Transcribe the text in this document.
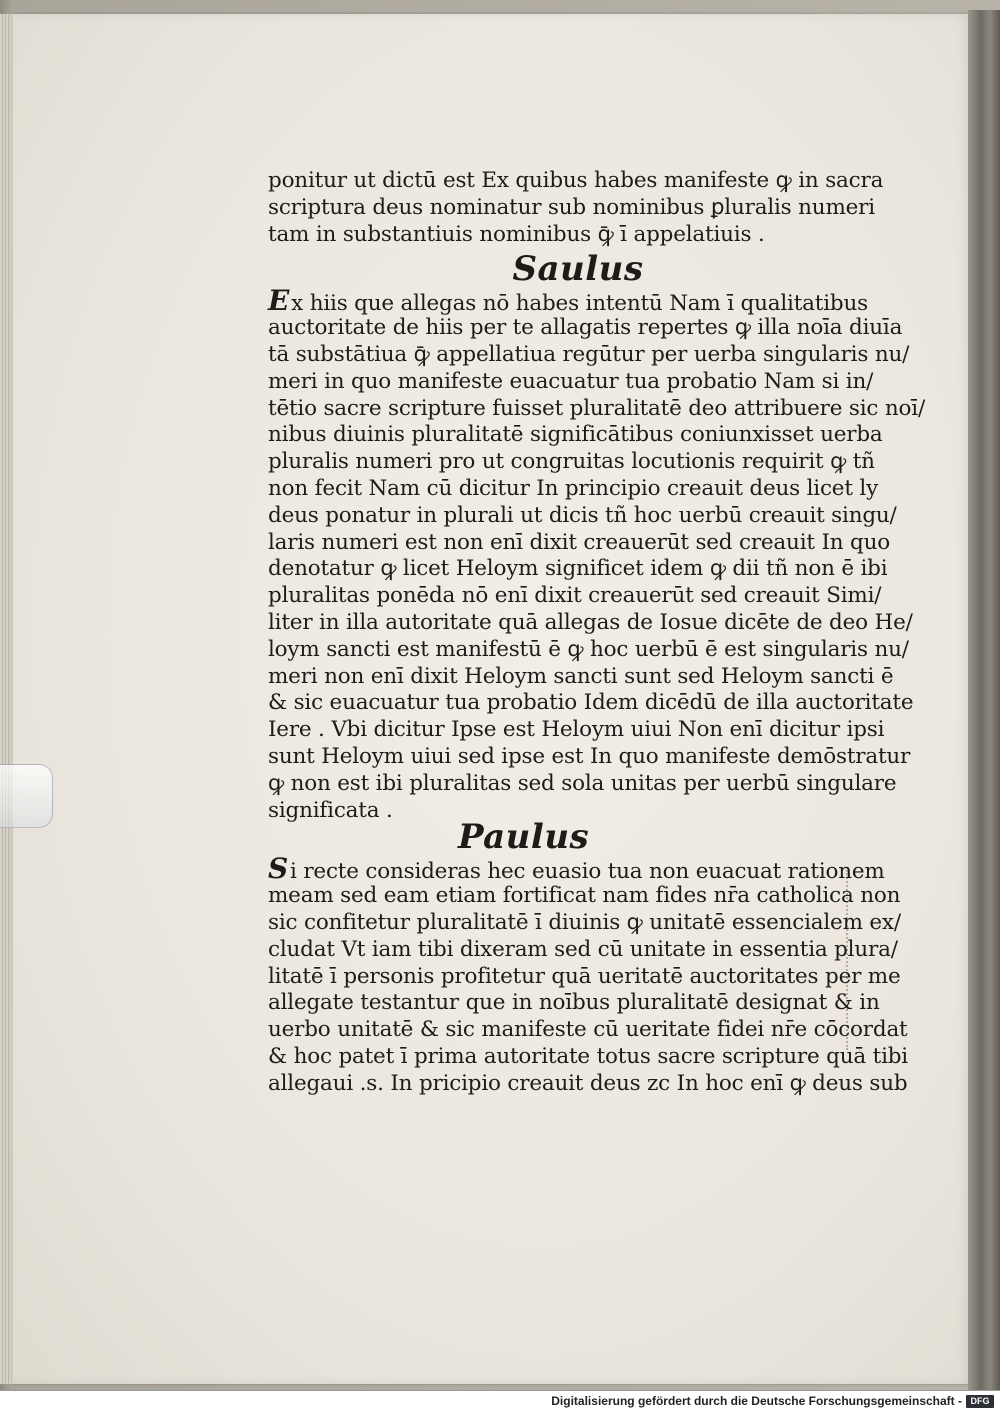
ponitur ut dictū est Ex quibus habes manifeste ꝙ in sacra
scriptura deus nominatur sub nominibus ꝑluralis numeri
tam in substantiuis nominibus ꝙ̄ ī appelatiuis .
Saulus
Ex hiis que allegas nō habes intentū Nam ī qualitatibus
auctoritate de hiis per te allagatis repertes ꝙ illa noīa diuīa
tā substātiua ꝙ̄ appellatiua regūtur per uerba singularis nu/
meri in quo manifeste euacuatur tua probatio Nam si in/
tētio sacre scripture fuisset pluralitatē deo attribuere sic noī/
nibus diuinis pluralitatē significātibus coniunxisset uerba
pluralis numeri pro ut congruitas locutionis requirit ꝙ tñ
non fecit Nam cū dicitur In principio creauit deus licet ly
deus ponatur in plurali ut dicis tñ hoc uerbū creauit singu/
laris numeri est non enī dixit creauerūt sed creauit In quo
denotatur ꝙ licet Heloym significet idem ꝙ dii tñ non ē ibi
pluralitas ponēda nō enī dixit creauerūt sed creauit Simi/
liter in illa autoritate quā allegas de Iosue dicēte de deo He/
loym sancti est manifestū ē ꝙ hoc uerbū ē est singularis nu/
meri non enī dixit Heloym sancti sunt sed Heloym sancti ē
& sic euacuatur tua probatio Idem dicēdū de illa auctoritate
Iere . Vbi dicitur Ipse est Heloym uiui Non enī dicitur ipsi
sunt Heloym uiui sed ipse est In quo manifeste demōstratur
ꝙ non est ibi pluralitas sed sola unitas per uerbū singulare
significata .
Paulus
Si recte consideras hec euasio tua non euacuat rationem
meam sed eam etiam fortificat nam fides nr̄a catholica non
sic confitetur pluralitatē ī diuinis ꝙ unitatē essencialem ex/
cludat Vt iam tibi dixeram sed cū unitate in essentia plura/
litatē ī personis profitetur quā ueritatē auctoritates per me
allegate testantur que in noībus pluralitatē designat & in
uerbo unitatē & sic manifeste cū ueritate fidei nr̄e cōcordat
& hoc patet ī prima autoritate totus sacre scripture quā tibi
allegaui .s. In pricipio creauit deus zc In hoc enī ꝙ deus sub
Digitalisierung gefördert durch die Deutsche Forschungsgemeinschaft - DFG
